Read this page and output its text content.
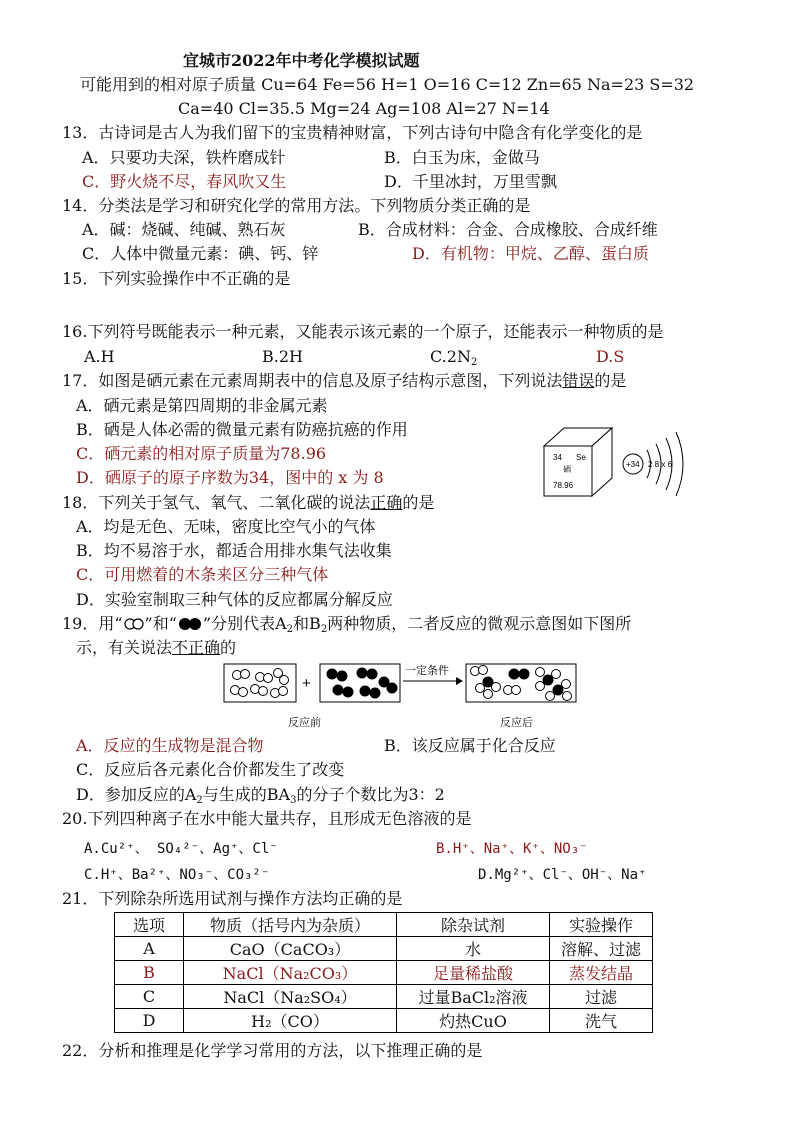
宜城市2022年中考化学模拟试题
可能用到的相对原子质量 Cu=64 Fe=56 H=1 O=16 C=12 Zn=65 Na=23 S=32
Ca=40 Cl=35.5 Mg=24 Ag=108 Al=27 N=14
13．古诗词是古人为我们留下的宝贵精神财富，下列古诗句中隐含有化学变化的是
A．只要功夫深，铁杵磨成针	B．白玉为床，金做马
C．野火烧不尽，春风吹又生	D．千里冰封，万里雪飘
14．分类法是学习和研究化学的常用方法。下列物质分类正确的是
A．碱：烧碱、纯碱、熟石灰	B．合成材料：合金、合成橡胶、合成纤维
C．人体中微量元素：碘、钙、锌	D．有机物：甲烷、乙醇、蛋白质
15．下列实验操作中不正确的是
16.下列符号既能表示一种元素，又能表示该元素的一个原子，还能表示一种物质的是
A.H	B.2H	$C.2N_2$	D.S
17．如图是硒元素在元素周期表中的信息及原子结构示意图，下列说法错误的是
A．硒元素是第四周期的非金属元素
B．硒是人体必需的微量元素有防癌抗癌的作用
C．硒元素的相对原子质量为78.96
D．硒原子的原子序数为34，图中的 x 为 8
34 Se
硒
78.96
+34 2 8 x 6
18．下列关于氢气、氧气、二氧化碳的说法正确的是
A．均是无色、无味，密度比空气小的气体
B．均不易溶于水，都适合用排水集气法收集
C．可用燃着的木条来区分三种气体
D．实验室制取三种气体的反应都属分解反应
19．用“ ”和“ ”分别代表$A_2$和$B_2$两种物质，二者反应的微观示意图如下图所
示，有关说法不正确的
+
一定条件
反应前	反应后
A．反应的生成物是混合物	B．该反应属于化合反应
C．反应后各元素化合价都发生了改变
D．参加反应的$A_2$与生成的$BA_3$的分子个数比为3：2
20.下列四种离子在水中能大量共存，且形成无色溶液的是
A.Cu²⁺、 SO₄²⁻、Ag⁺、Cl⁻	B.H⁺、Na⁺、K⁺、NO₃⁻
C.H⁺、Ba²⁺、NO₃⁻、CO₃²⁻	D.Mg²⁺、Cl⁻、OH⁻、Na⁺
21．下列除杂所选用试剂与操作方法均正确的是
选项	物质（括号内为杂质）	除杂试剂	实验操作
A	CaO（CaCO₃）	水	溶解、过滤
B	NaCl（Na₂CO₃）	足量稀盐酸	蒸发结晶
C	NaCl（Na₂SO₄）	过量BaCl₂溶液	过滤
D	H₂（CO）	灼热CuO	洗气
22．分析和推理是化学学习常用的方法，以下推理正确的是
